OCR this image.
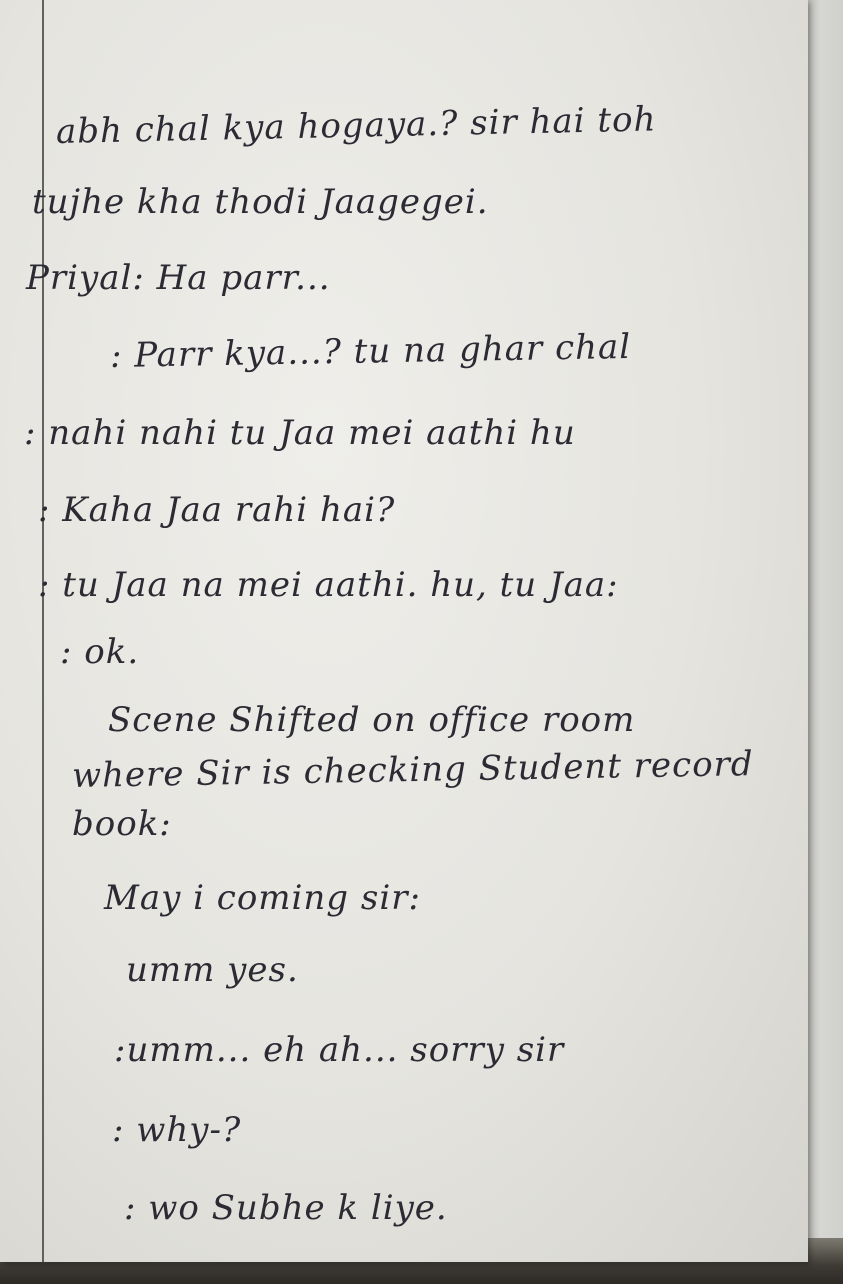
abh chal kya hogaya.? sir hai toh
tujhe kha thodi Jaagegei.
Priyal: Ha parr...
: Parr kya...? tu na ghar chal
: nahi nahi tu Jaa mei aathi hu
: Kaha Jaa rahi hai?
: tu Jaa na mei aathi. hu, tu Jaa:
: ok.
Scene Shifted on office room
where Sir is checking Student record
book:
May i coming sir:
umm yes.
:umm... eh ah... sorry sir
: why-?
: wo Subhe k liye.
